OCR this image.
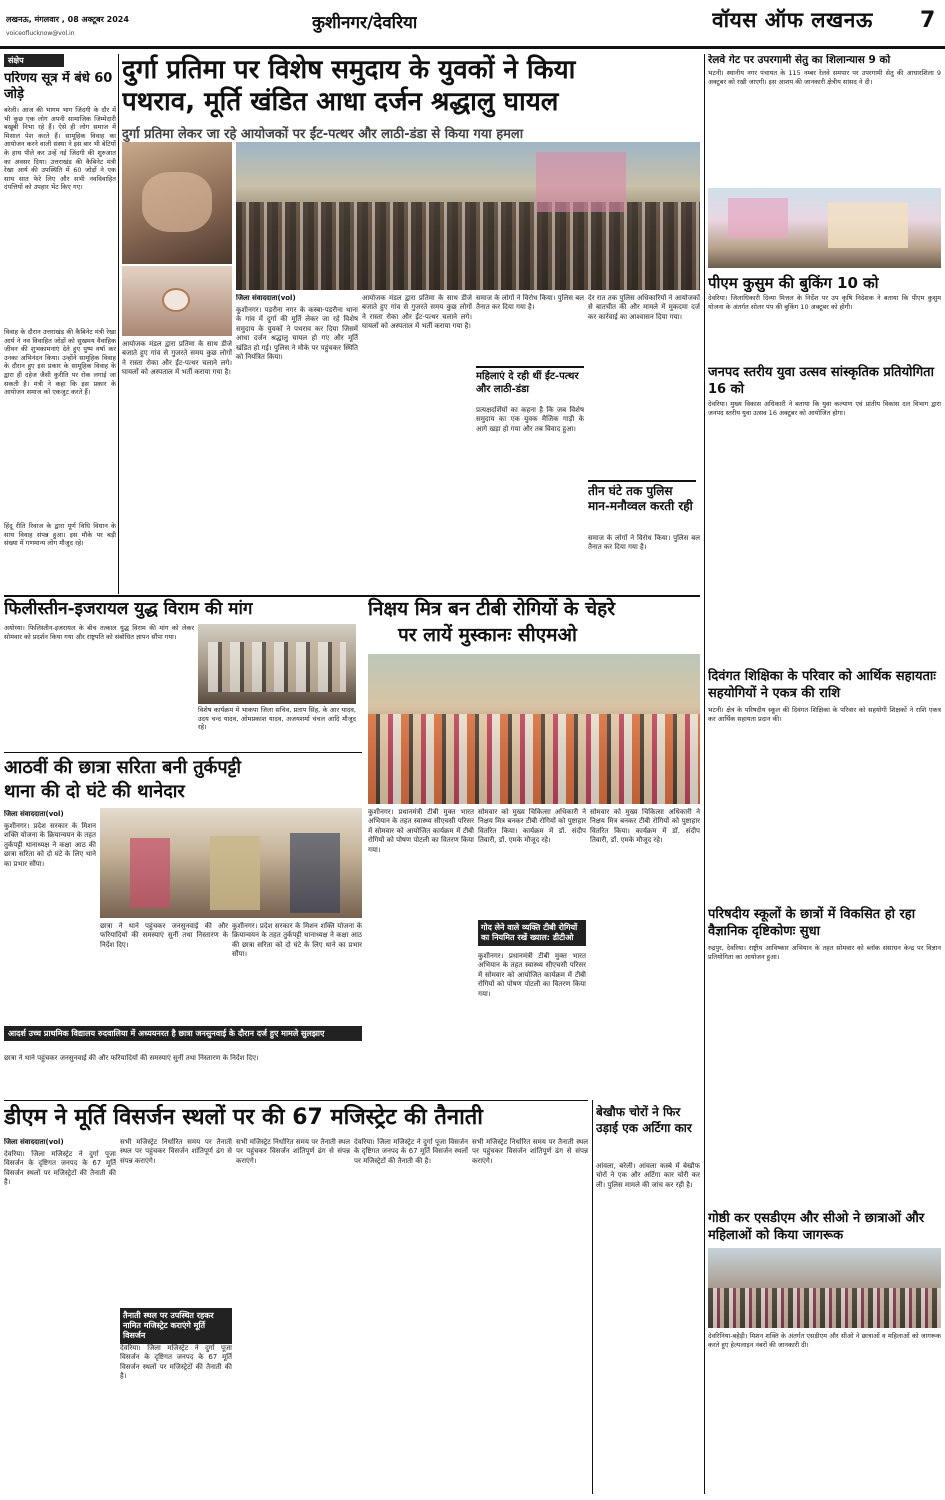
लखनऊ, मंगलवार , 08 अक्टूबर 2024
voiceoflucknow@vol.in
कुशीनगर/देवरिया	वॉयस ऑफ लखनऊ 7
संक्षेप
परिणय सूत्र में बंधे 60 जोड़े
बरेली। आज की भागम भाग जिंदगी के दौर में भी कुछ एक लोग अपनी सामाजिक जिम्मेदारी बखूबी निभा रहे हैं। ऐसे ही लोग समाज में मिसाल पेश करते हैं। सामूहिक विवाह का आयोजन करने वाली संस्था ने इस बार भी बेटियों के हाथ पीले कर उन्हें नई जिंदगी की शुरुआत का अवसर दिया। उत्तराखंड की कैबिनेट मंत्री रेखा आर्य की उपस्थिति में 60 जोड़ों ने एक साथ सात फेरे लिए और सभी नवविवाहित दंपत्तियों को उपहार भेंट किए गए।
विवाह के दौरान उत्तराखंड की कैबिनेट मंत्री रेखा आर्य ने नव विवाहित जोड़ों को सुखमय वैवाहिक जीवन की शुभकामनाएं देते हुए पुष्प वर्षा कर उनका अभिनंदन किया। उन्होंने सामूहिक विवाह के दौरान हुए इस प्रकार के सामूहिक विवाह के द्वारा ही दहेज जैसी कुरीति पर रोक लगाई जा सकती है। मंत्री ने कहा कि इस प्रकार के आयोजन समाज को एकजुट करते हैं।
हिंदू रीति रिवाज के द्वारा पूर्ण विधि विधान के साथ विवाह संपन्न हुआ। इस मौके पर बड़ी संख्या में गणमान्य लोग मौजूद रहे।
दुर्गा प्रतिमा पर विशेष समुदाय के युवकों ने किया
पथराव, मूर्ति खंडित आधा दर्जन श्रद्धालु घायल
दुर्गा प्रतिमा लेकर जा रहे आयोजकों पर ईंट-पत्थर और लाठी-डंडा से किया गया हमला
जिला संवाददाता(vol)
कुशीनगर। पडरौना नगर के कस्बा-पडरौना थाना के गांव में दुर्गा की मूर्ति लेकर जा रहे विशेष समुदाय के युवकों ने पथराव कर दिया जिसमें आधा दर्जन श्रद्धालु घायल हो गए और मूर्ति खंडित हो गई। पुलिस ने मौके पर पहुंचकर स्थिति को नियंत्रित किया।
आयोजक मंडल द्वारा प्रतिमा के साथ डीजे बजाते हुए गांव से गुजरते समय कुछ लोगों ने रास्ता रोका और ईंट-पत्थर चलाने लगे। घायलों को अस्पताल में भर्ती कराया गया है।
आयोजक मंडल द्वारा प्रतिमा के साथ डीजे बजाते हुए गांव से गुजरते समय कुछ लोगों ने रास्ता रोका और ईंट-पत्थर चलाने लगे। घायलों को अस्पताल में भर्ती कराया गया है।
महिलाएं दे रही थीं ईंट-पत्थर और लाठी-डंडा
प्रत्यक्षदर्शियों का कहना है कि जब विशेष समुदाय का एक युवक मैजिक गाड़ी के आगे खड़ा हो गया और तब विवाद हुआ।
समाज के लोगों ने विरोध किया। पुलिस बल तैनात कर दिया गया है।
तीन घंटे तक पुलिस मान-मनौव्वल करती रही
देर रात तक पुलिस अधिकारियों ने आयोजकों से बातचीत की और मामले में मुकदमा दर्ज कर कार्रवाई का आश्वासन दिया गया।
समाज के लोगों ने विरोध किया। पुलिस बल तैनात कर दिया गया है।
रेलवे गेट पर उपरगामी सेतु का शिलान्यास 9 को
भटनी। स्थानीय नगर पंचायत के 115 नम्बर रेलवे समपार पर उपरगामी सेतु की आधारशिला 9 अक्टूबर को रखी जाएगी। इस आशय की जानकारी क्षेत्रीय सांसद ने दी।
पीएम कुसुम की बुकिंग 10 को
देवरिया। जिलाधिकारी दिव्या मित्तल के निर्देश पर उप कृषि निदेशक ने बताया कि पीएम कुसुम योजना के अंतर्गत सोलर पंप की बुकिंग 10 अक्टूबर को होगी।
जनपद स्तरीय युवा उत्सव सांस्कृतिक प्रतियोगिता 16 को
देवरिया। मुख्य विकास अधिकारी ने बताया कि युवा कल्याण एवं प्रांतीय विकास दल विभाग द्वारा जनपद स्तरीय युवा उत्सव 16 अक्टूबर को आयोजित होगा।
दिवंगत शिक्षिका के परिवार को आर्थिक सहायताः सहयोगियों ने एकत्र की राशि
भटनी। क्षेत्र के परिषदीय स्कूल की दिवंगत शिक्षिका के परिवार को सहयोगी शिक्षकों ने राशि एकत्र कर आर्थिक सहायता प्रदान की।
परिषदीय स्कूलों के छात्रों में विकसित हो रहा वैज्ञानिक दृष्टिकोणः सुधा
रुद्रपुर, देवरिया। राष्ट्रीय आविष्कार अभियान के तहत सोमवार को ब्लॉक संसाधन केन्द्र पर विज्ञान प्रतियोगिता का आयोजन हुआ।
गोष्ठी कर एसडीएम और सीओ ने छात्राओं और महिलाओं को किया जागरूक
देवरिनिया-बहेड़ी। मिशन शक्ति के अंतर्गत एसडीएम और सीओ ने छात्राओं व महिलाओं को जागरूक करते हुए हेल्पलाइन नंबरों की जानकारी दी।
फिलीस्तीन-इजरायल युद्ध विराम की मांग
अयोध्या। फिलिस्तीन-इजरायल के बीच तत्काल युद्ध विराम की मांग को लेकर सोमवार को प्रदर्शन किया गया और राष्ट्रपति को संबोधित ज्ञापन सौंपा गया।
विशेष कार्यक्रम में भाकपा जिला सचिव, प्रताप सिंह, के आर यादव, उदय चन्द यादव, ओमप्रकाश यादव, अजयशर्मा चंचल आदि मौजूद रहे।
निक्षय मित्र बन टीबी रोगियों के चेहरे
पर लायें मुस्कानः सीएमओ
कुशीनगर। प्रधानमंत्री टीबी मुक्त भारत अभियान के तहत स्वास्थ्य सीएचसी परिसर में सोमवार को आयोजित कार्यक्रम में टीबी रोगियों को पोषण पोटली का वितरण किया गया।
सोमवार को मुख्य चिकित्सा अधिकारी ने निक्षय मित्र बनकर टीबी रोगियों को पुष्टाहार वितरित किया। कार्यक्रम में डॉ. संदीप तिवारी, डॉ. एमके मौजूद रहे।
गोद लेने वाले व्यक्ति टीबी रोगियों का नियमित रखें ख्याल: डीटीओ
कुशीनगर। प्रधानमंत्री टीबी मुक्त भारत अभियान के तहत स्वास्थ्य सीएचसी परिसर में सोमवार को आयोजित कार्यक्रम में टीबी रोगियों को पोषण पोटली का वितरण किया गया।
सोमवार को मुख्य चिकित्सा अधिकारी ने निक्षय मित्र बनकर टीबी रोगियों को पुष्टाहार वितरित किया। कार्यक्रम में डॉ. संदीप तिवारी, डॉ. एमके मौजूद रहे।
आठवीं की छात्रा सरिता बनी तुर्कपट्टी
थाना की दो घंटे की थानेदार
जिला संवाददाता(vol)
कुशीनगर। प्रदेश सरकार के मिशन शक्ति योजना के क्रियान्वयन के तहत तुर्कपट्टी थानाध्यक्ष ने कक्षा आठ की छात्रा सरिता को दो घंटे के लिए थाने का प्रभार सौंपा।
छात्रा ने थाने पहुंचकर जनसुनवाई की और फरियादियों की समस्याएं सुनीं तथा निस्तारण के निर्देश दिए।
कुशीनगर। प्रदेश सरकार के मिशन शक्ति योजना के क्रियान्वयन के तहत तुर्कपट्टी थानाध्यक्ष ने कक्षा आठ की छात्रा सरिता को दो घंटे के लिए थाने का प्रभार सौंपा।
आदर्श उच्च प्राथमिक विद्यालय रुदवालिया में अध्ययनरत है छात्रा जनसुनवाई के दौरान दर्ज हुए मामले सुलझाए
छात्रा ने थाने पहुंचकर जनसुनवाई की और फरियादियों की समस्याएं सुनीं तथा निस्तारण के निर्देश दिए।
डीएम ने मूर्ति विसर्जन स्थलों पर की 67 मजिस्ट्रेट की तैनाती
जिला संवाददाता(vol)
देवरिया। जिला मजिस्ट्रेट ने दुर्गा पूजा विसर्जन के दृष्टिगत जनपद के 67 मूर्ति विसर्जन स्थलों पर मजिस्ट्रेटों की तैनाती की है।
सभी मजिस्ट्रेट निर्धारित समय पर तैनाती स्थल पर पहुंचकर विसर्जन शांतिपूर्ण ढंग से संपन्न कराएंगे।
तैनाती स्थल पर उपस्थित रहकर नामित मजिस्ट्रेट कराएंगे मूर्ति विसर्जन
देवरिया। जिला मजिस्ट्रेट ने दुर्गा पूजा विसर्जन के दृष्टिगत जनपद के 67 मूर्ति विसर्जन स्थलों पर मजिस्ट्रेटों की तैनाती की है।
सभी मजिस्ट्रेट निर्धारित समय पर तैनाती स्थल पर पहुंचकर विसर्जन शांतिपूर्ण ढंग से संपन्न कराएंगे।
देवरिया। जिला मजिस्ट्रेट ने दुर्गा पूजा विसर्जन के दृष्टिगत जनपद के 67 मूर्ति विसर्जन स्थलों पर मजिस्ट्रेटों की तैनाती की है।
सभी मजिस्ट्रेट निर्धारित समय पर तैनाती स्थल पर पहुंचकर विसर्जन शांतिपूर्ण ढंग से संपन्न कराएंगे।
बेखौफ चोरों ने फिर उड़ाई एक अर्टिगा कार
आंवला, बरेली। आंवला कस्बे में बेखौफ चोरों ने एक और अर्टिगा कार चोरी कर ली। पुलिस मामले की जांच कर रही है।
